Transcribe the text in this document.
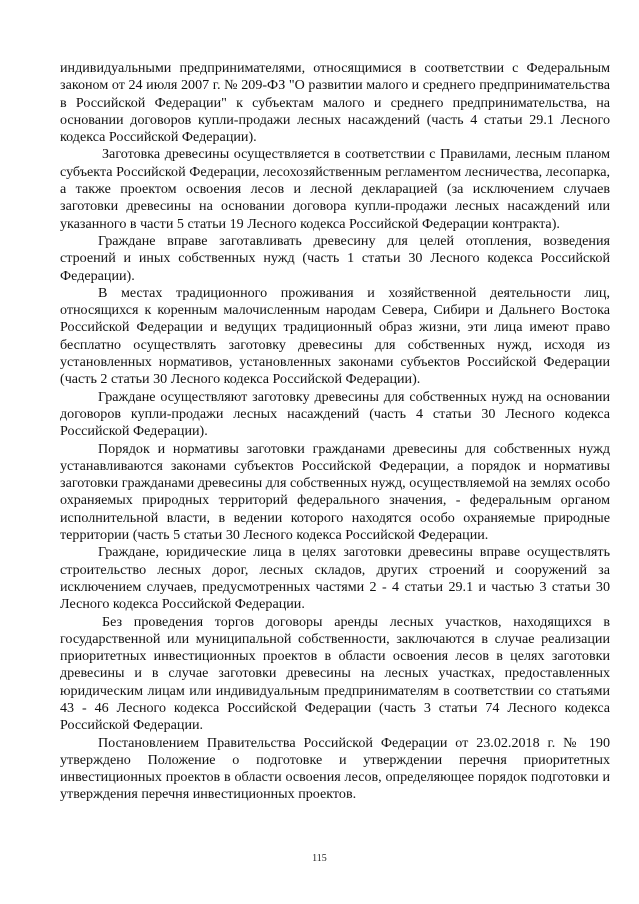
индивидуальными предпринимателями, относящимися в соответствии с Федеральным законом от 24 июля 2007 г. № 209-ФЗ "О развитии малого и среднего предпринимательства в Российской Федерации" к субъектам малого и среднего предпринимательства, на основании договоров купли-продажи лесных насаждений (часть 4 статьи 29.1 Лесного кодекса Российской Федерации).

Заготовка древесины осуществляется в соответствии с Правилами, лесным планом субъекта Российской Федерации, лесохозяйственным регламентом лесничества, лесопарка, а также проектом освоения лесов и лесной декларацией (за исключением случаев заготовки древесины на основании договора купли-продажи лесных насаждений или указанного в части 5 статьи 19 Лесного кодекса Российской Федерации контракта).

Граждане вправе заготавливать древесину для целей отопления, возведения строений и иных собственных нужд (часть 1 статьи 30 Лесного кодекса Российской Федерации).

В местах традиционного проживания и хозяйственной деятельности лиц, относящихся к коренным малочисленным народам Севера, Сибири и Дальнего Востока Российской Федерации и ведущих традиционный образ жизни, эти лица имеют право бесплатно осуществлять заготовку древесины для собственных нужд, исходя из установленных нормативов, установленных законами субъектов Российской Федерации (часть 2 статьи 30 Лесного кодекса Российской Федерации).

Граждане осуществляют заготовку древесины для собственных нужд на основании договоров купли-продажи лесных насаждений (часть 4 статьи 30 Лесного кодекса Российской Федерации).

Порядок и нормативы заготовки гражданами древесины для собственных нужд устанавливаются законами субъектов Российской Федерации, а порядок и нормативы заготовки гражданами древесины для собственных нужд, осуществляемой на землях особо охраняемых природных территорий федерального значения, - федеральным органом исполнительной власти, в ведении которого находятся особо охраняемые природные территории (часть 5 статьи 30 Лесного кодекса Российской Федерации.

Граждане, юридические лица в целях заготовки древесины вправе осуществлять строительство лесных дорог, лесных складов, других строений и сооружений за исключением случаев, предусмотренных частями 2 - 4 статьи 29.1 и частью 3 статьи 30 Лесного кодекса Российской Федерации.

Без проведения торгов договоры аренды лесных участков, находящихся в государственной или муниципальной собственности, заключаются в случае реализации приоритетных инвестиционных проектов в области освоения лесов в целях заготовки древесины и в случае заготовки древесины на лесных участках, предоставленных юридическим лицам или индивидуальным предпринимателям в соответствии со статьями 43 - 46 Лесного кодекса Российской Федерации (часть 3 статьи 74 Лесного кодекса Российской Федерации.

Постановлением Правительства Российской Федерации от 23.02.2018 г. № 190 утверждено Положение о подготовке и утверждении перечня приоритетных инвестиционных проектов в области освоения лесов, определяющее порядок подготовки и утверждения перечня инвестиционных проектов.

115
